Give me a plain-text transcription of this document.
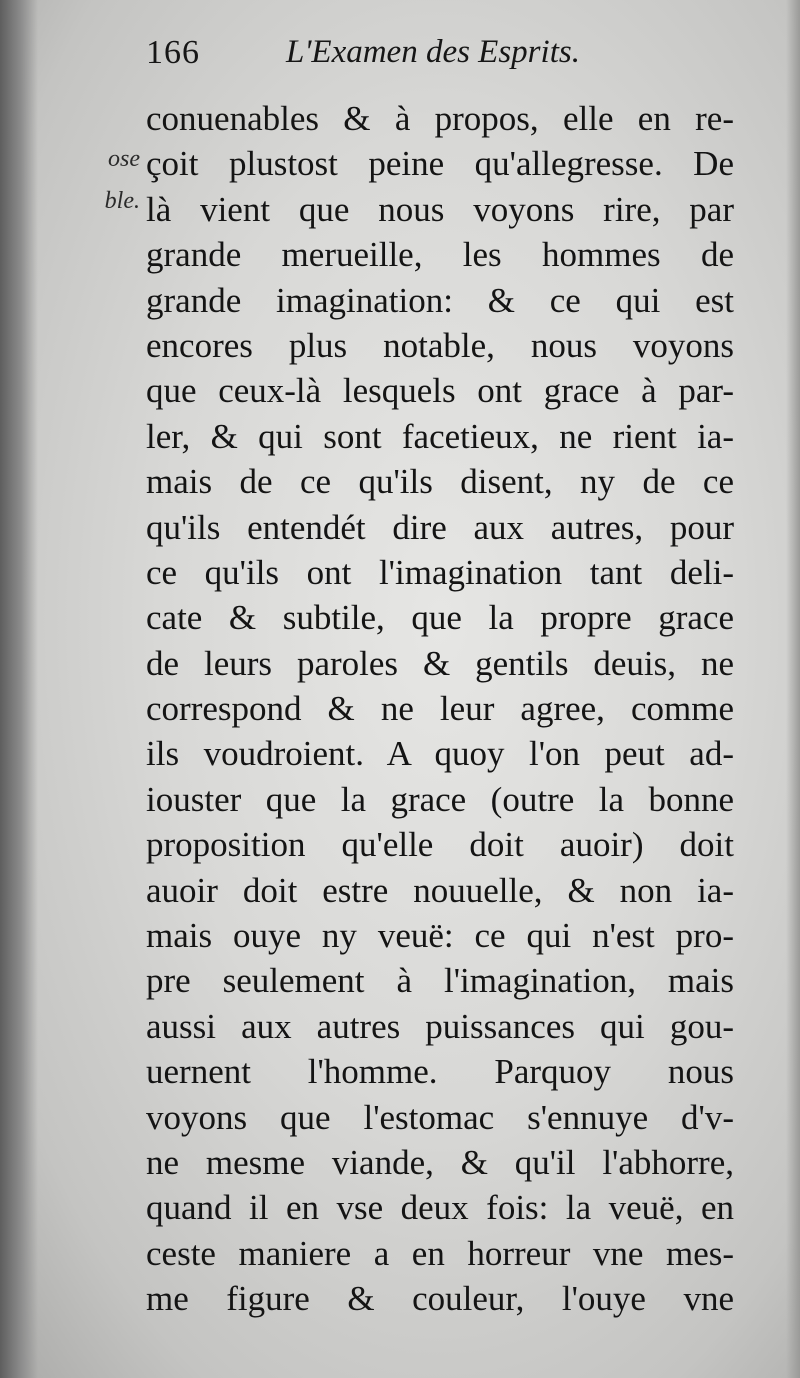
166	L'Examen des Esprits.
ose
ble.
conuenables & à propos, elle en re-
çoit plustost peine qu'allegresse. De
là vient que nous voyons rire, par
grande merueille, les hommes de
grande imagination: & ce qui est
encores plus notable, nous voyons
que ceux-là lesquels ont grace à par-
ler, & qui sont facetieux, ne rient ia-
mais de ce qu'ils disent, ny de ce
qu'ils entendét dire aux autres, pour
ce qu'ils ont l'imagination tant deli-
cate & subtile, que la propre grace
de leurs paroles & gentils deuis, ne
correspond & ne leur agree, comme
ils voudroient. A quoy l'on peut ad-
iouster que la grace (outre la bonne
proposition qu'elle doit auoir) doit
auoir doit estre nouuelle, & non ia-
mais ouye ny veuë: ce qui n'est pro-
pre seulement à l'imagination, mais
aussi aux autres puissances qui gou-
uernent l'homme. Parquoy nous
voyons que l'estomac s'ennuye d'v-
ne mesme viande, & qu'il l'abhorre,
quand il en vse deux fois: la veuë, en
ceste maniere a en horreur vne mes-
me figure & couleur, l'ouye vne
